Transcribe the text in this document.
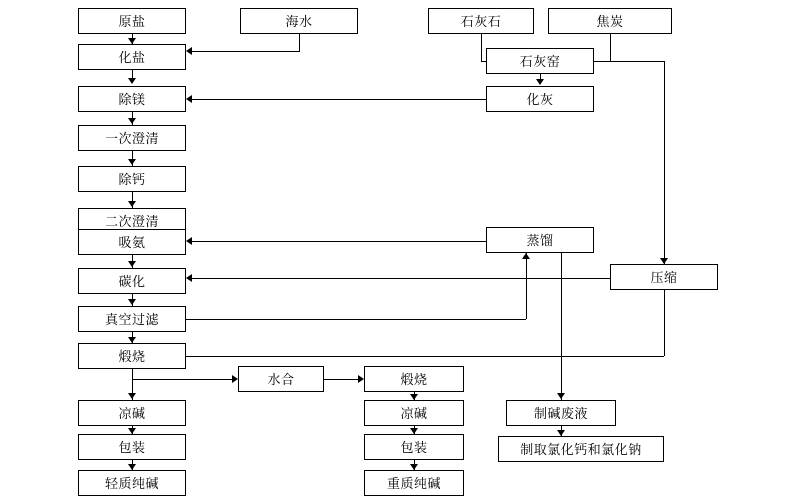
原盐	海水	石灰石	焦炭
化盐	石灰窑
除镁	化灰
一次澄清
除钙
二次澄清
吸氨	蒸馏
碳化	压缩
真空过滤
煅烧
水合	煅烧
制碱废液
凉碱	凉碱
包装	包装	制取氯化钙和氯化钠
轻质纯碱	重质纯碱
